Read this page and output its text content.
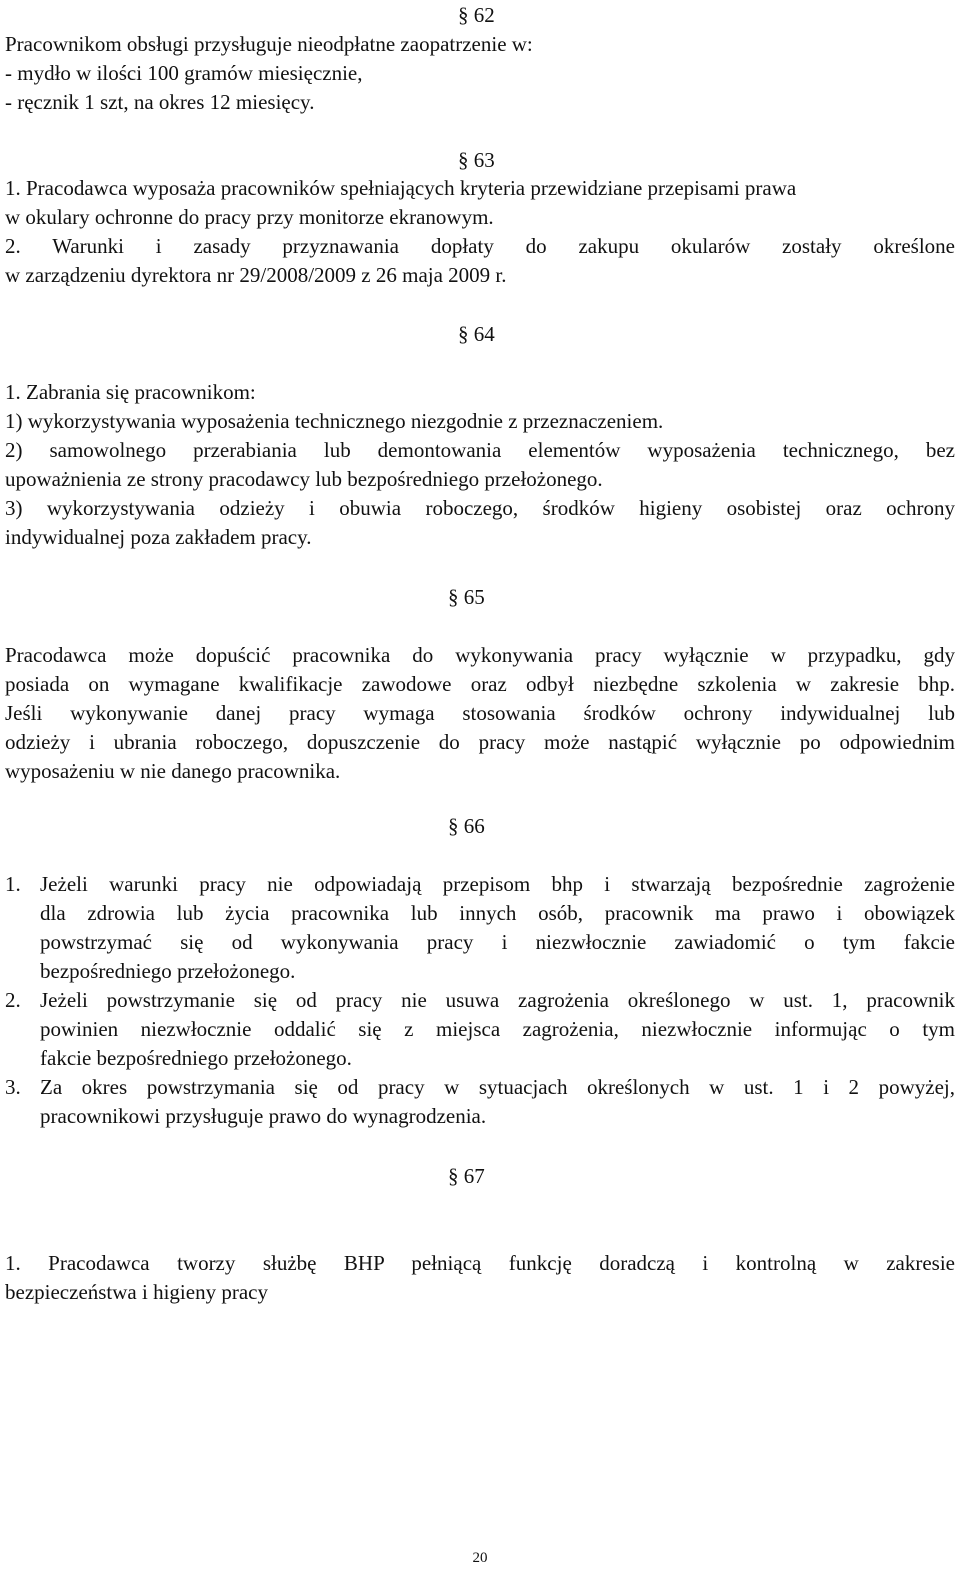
§ 62
Pracownikom obsługi przysługuje nieodpłatne zaopatrzenie w:
- mydło w ilości 100 gramów miesięcznie,
- ręcznik 1 szt, na okres 12 miesięcy.
§ 63
1. Pracodawca wyposaża pracowników spełniających kryteria przewidziane przepisami prawa
w okulary ochronne do pracy przy monitorze ekranowym.
2. Warunki i zasady przyznawania dopłaty do zakupu okularów zostały określone
w zarządzeniu dyrektora nr 29/2008/2009 z 26 maja 2009 r.
§ 64
1. Zabrania się pracownikom:
1) wykorzystywania wyposażenia technicznego niezgodnie z przeznaczeniem.
2) samowolnego przerabiania lub demontowania elementów wyposażenia technicznego, bez
upoważnienia ze strony pracodawcy lub bezpośredniego przełożonego.
3) wykorzystywania odzieży i obuwia roboczego, środków higieny osobistej oraz ochrony
indywidualnej poza zakładem pracy.
§ 65
Pracodawca może dopuścić pracownika do wykonywania pracy wyłącznie w przypadku, gdy
posiada on wymagane kwalifikacje zawodowe oraz odbył niezbędne szkolenia w zakresie bhp.
Jeśli wykonywanie danej pracy wymaga stosowania środków ochrony indywidualnej lub
odzieży i ubrania roboczego, dopuszczenie do pracy może nastąpić wyłącznie po odpowiednim
wyposażeniu w nie danego pracownika.
§ 66
1. Jeżeli warunki pracy nie odpowiadają przepisom bhp i stwarzają bezpośrednie zagrożenie
dla zdrowia lub życia pracownika lub innych osób, pracownik ma prawo i obowiązek
powstrzymać się od wykonywania pracy i niezwłocznie zawiadomić o tym fakcie
bezpośredniego przełożonego.
2. Jeżeli powstrzymanie się od pracy nie usuwa zagrożenia określonego w ust. 1, pracownik
powinien niezwłocznie oddalić się z miejsca zagrożenia, niezwłocznie informując o tym
fakcie bezpośredniego przełożonego.
3. Za okres powstrzymania się od pracy w sytuacjach określonych w ust. 1 i 2 powyżej,
pracownikowi przysługuje prawo do wynagrodzenia.
§ 67
1. Pracodawca tworzy służbę BHP pełniącą funkcję doradczą i kontrolną w zakresie
bezpieczeństwa i higieny pracy
20
